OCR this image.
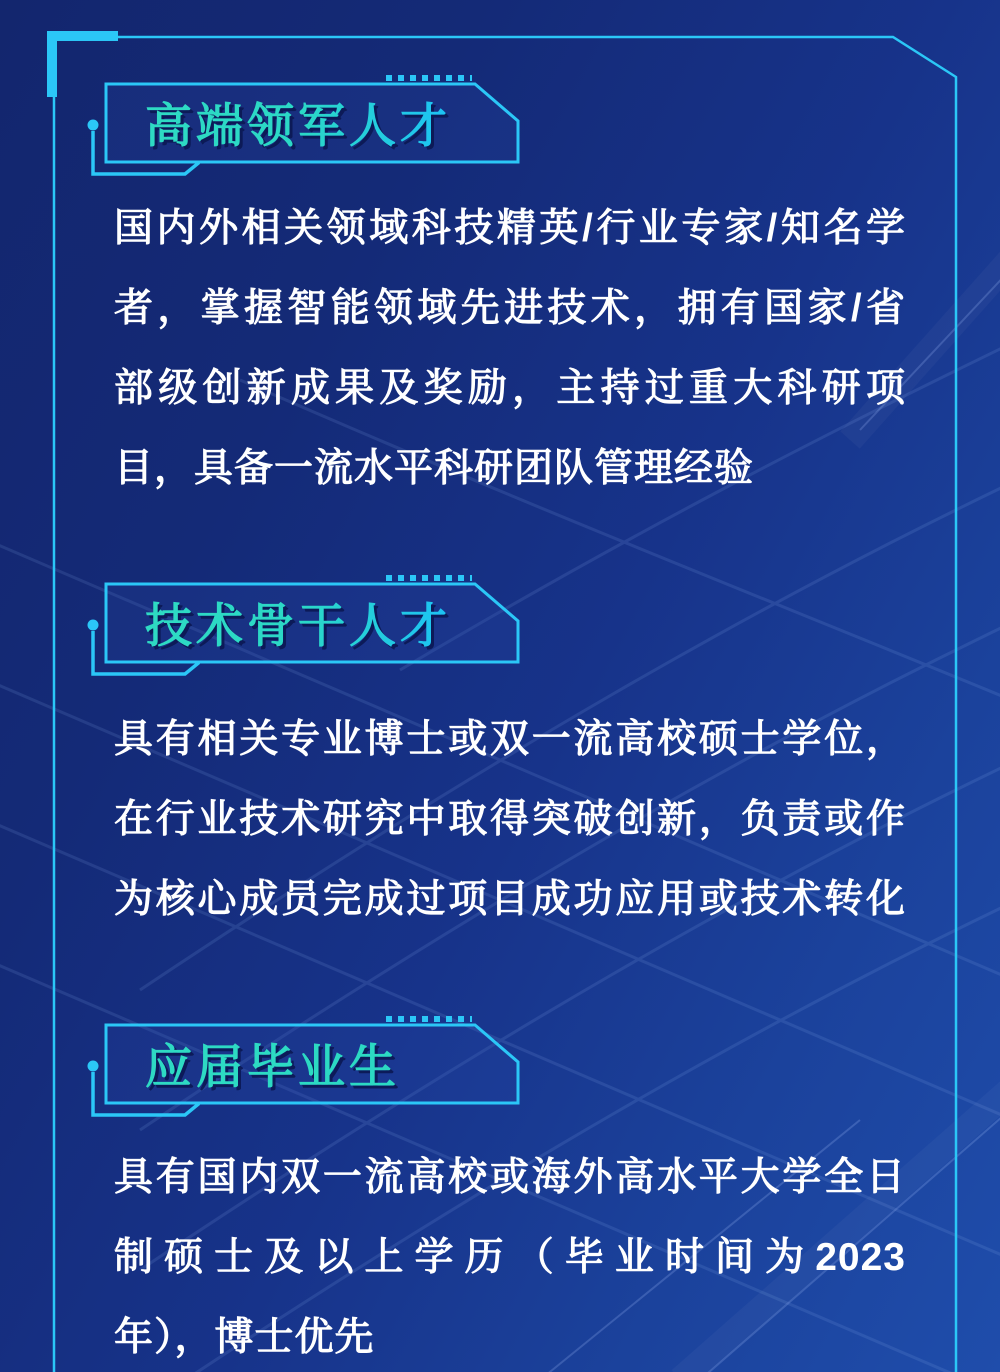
高端领军人才
国内外相关领域科技精英/行业专家/知名学
者，掌握智能领域先进技术，拥有国家/省
部级创新成果及奖励，主持过重大科研项
目，具备一流水平科研团队管理经验
技术骨干人才
具有相关专业博士或双一流高校硕士学位，
在行业技术研究中取得突破创新，负责或作
为核心成员完成过项目成功应用或技术转化
应届毕业生
具有国内双一流高校或海外高水平大学全日
制硕士及以上学历（毕业时间为2023
年），博士优先
